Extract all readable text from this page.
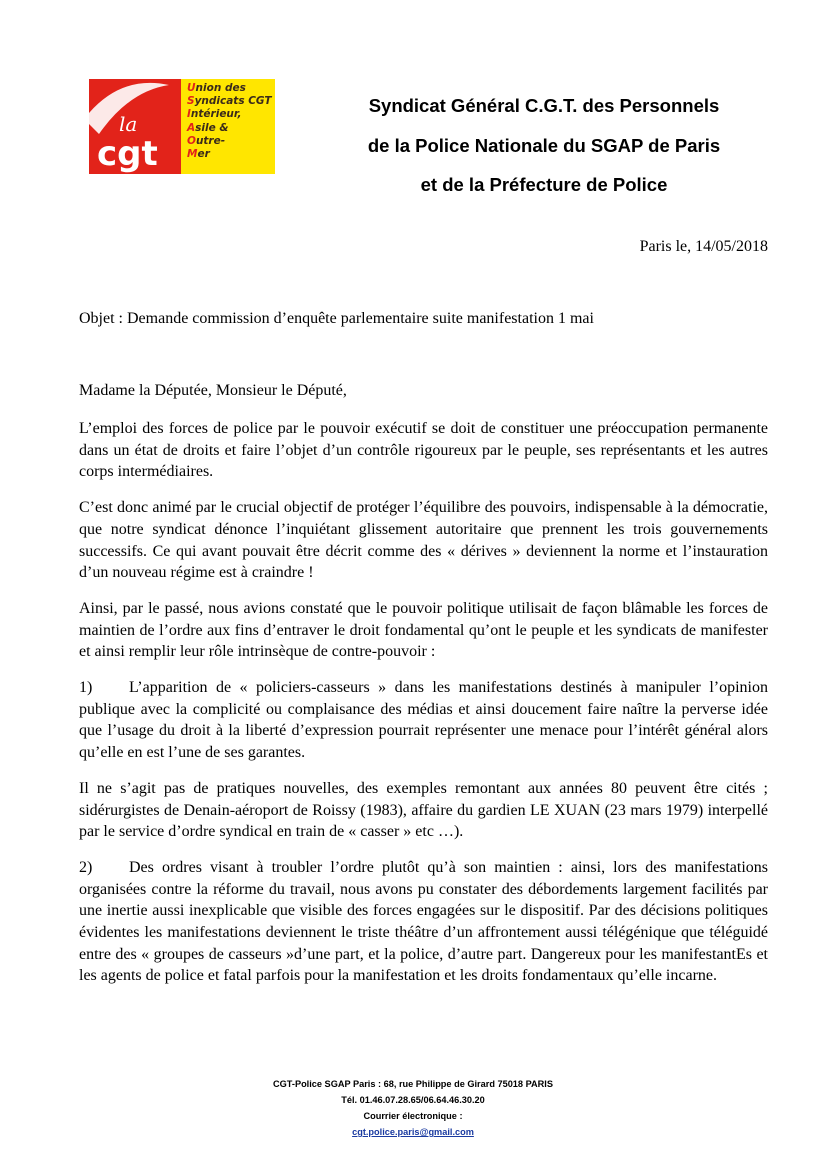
la
cgt
Union des
Syndicats CGT
Intérieur,
Asile &
Outre-
Mer
Syndicat Général C.G.T. des Personnels
de la Police Nationale du SGAP de Paris
et de la Préfecture de Police
Paris le, 14/05/2018
Objet : Demande commission d’enquête parlementaire suite manifestation 1 mai
Madame la Députée, Monsieur le Député,

L’emploi des forces de police par le pouvoir exécutif se doit de constituer une préoccupation permanente dans un état de droits et faire l’objet d’un contrôle rigoureux par le peuple, ses représentants et les autres corps intermédiaires.

C’est donc animé par le crucial objectif de protéger l’équilibre des pouvoirs, indispensable à la démocratie, que notre syndicat dénonce l’inquiétant glissement autoritaire que prennent les trois gouvernements successifs. Ce qui avant pouvait être décrit comme des « dérives » deviennent la norme et l’instauration d’un nouveau régime est à craindre !

Ainsi, par le passé, nous avions constaté que le pouvoir politique utilisait de façon blâmable les forces de maintien de l’ordre aux fins d’entraver le droit fondamental qu’ont le peuple et les syndicats de manifester et ainsi remplir leur rôle intrinsèque de contre-pouvoir :

1) L’apparition de « policiers-casseurs » dans les manifestations destinés à manipuler l’opinion publique avec la complicité ou complaisance des médias et ainsi doucement faire naître la perverse idée que l’usage du droit à la liberté d’expression pourrait représenter une menace pour l’intérêt général alors qu’elle en est l’une de ses garantes.

Il ne s’agit pas de pratiques nouvelles, des exemples remontant aux années 80 peuvent être cités ; sidérurgistes de Denain-aéroport de Roissy (1983), affaire du gardien LE XUAN (23 mars 1979) interpellé par le service d’ordre syndical en train de « casser » etc …).

2) Des ordres visant à troubler l’ordre plutôt qu’à son maintien : ainsi, lors des manifestations organisées contre la réforme du travail, nous avons pu constater des débordements largement facilités par une inertie aussi inexplicable que visible des forces engagées sur le dispositif. Par des décisions politiques évidentes les manifestations deviennent le triste théâtre d’un affrontement aussi télégénique que téléguidé entre des « groupes de casseurs »d’une part, et la police, d’autre part. Dangereux pour les manifestantEs et les agents de police et fatal parfois pour la manifestation et les droits fondamentaux qu’elle incarne.

CGT-Police SGAP Paris : 68, rue Philippe de Girard 75018 PARIS
Tél. 01.46.07.28.65/06.64.46.30.20
Courrier électronique :
cgt.police.paris@gmail.com
